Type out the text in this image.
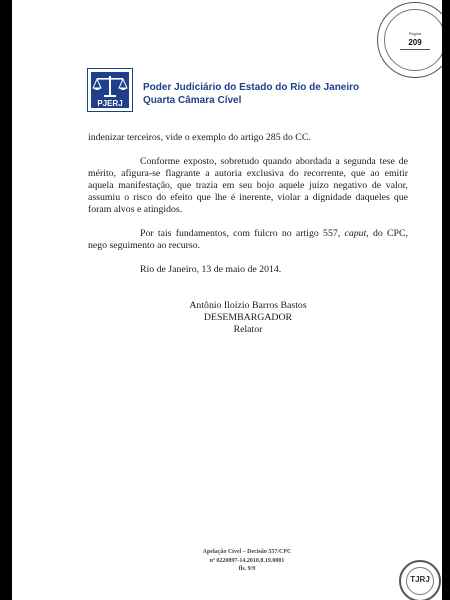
Página
209
PJERJ
Poder Judiciário do Estado do Rio de Janeiro
Quarta Câmara Cível

indenizar terceiros, vide o exemplo do artigo 285 do CC.

Conforme exposto, sobretudo quando abordada a segunda tese de mérito, afigura-se flagrante a autoria exclusiva do recorrente, que ao emitir aquela manifestação, que trazia em seu bojo aquele juízo negativo de valor, assumiu o risco do efeito que lhe é inerente, violar a dignidade daqueles que foram alvos e atingidos.

Por tais fundamentos, com fulcro no artigo 557, caput, do CPC, nego seguimento ao recurso.

Rio de Janeiro, 13 de maio de 2014.

Antônio Iloízio Barros Bastos

DESEMBARGADOR

Relator

Apelação Cível – Decisão 557/CPC
nº 0220897-14.2010.8.19.0001
fls. 9/9
TJRJ
